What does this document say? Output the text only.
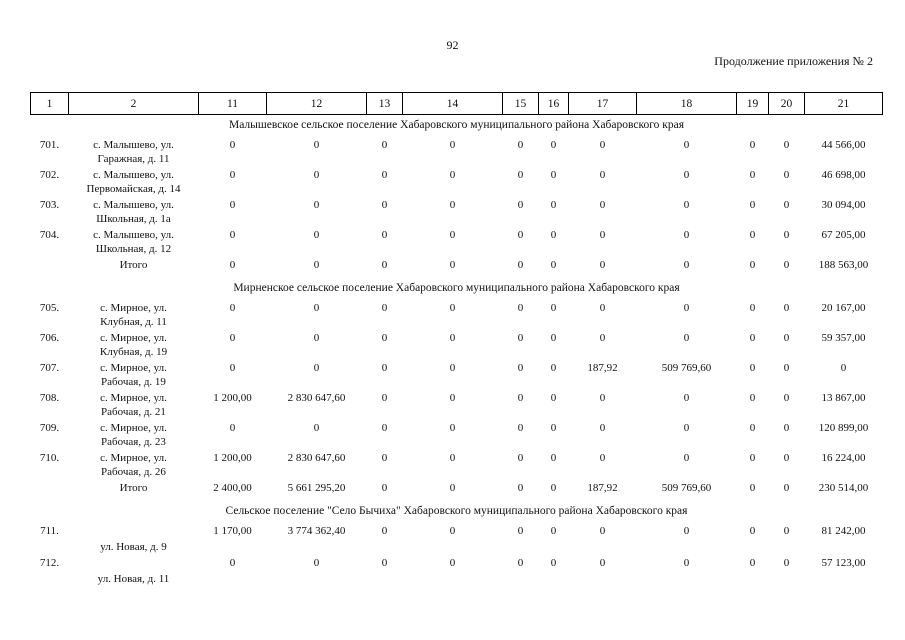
92
Продолжение приложения № 2
1	2	11	12	13	14	15	16	17	18	19	20	21
Малышевское сельское поселение Хабаровского муниципального района Хабаровского края												
701.	с. Малышево, ул.
Гаражная, д. 11	0	0	0	0	0	0	0	0	0	0	44 566,00
702.	с. Малышево, ул.
Первомайская, д. 14	0	0	0	0	0	0	0	0	0	0	46 698,00
703.	с. Малышево, ул.
Школьная, д. 1а	0	0	0	0	0	0	0	0	0	0	30 094,00
704.	с. Малышево, ул.
Школьная, д. 12	0	0	0	0	0	0	0	0	0	0	67 205,00
	Итого	0	0	0	0	0	0	0	0	0	0	188 563,00
Мирненское сельское поселение Хабаровского муниципального района Хабаровского края												
705.	с. Мирное, ул.
Клубная, д. 11	0	0	0	0	0	0	0	0	0	0	20 167,00
706.	с. Мирное, ул.
Клубная, д. 19	0	0	0	0	0	0	0	0	0	0	59 357,00
707.	с. Мирное, ул.
Рабочая, д. 19	0	0	0	0	0	0	187,92	509 769,60	0	0	0
708.	с. Мирное, ул.
Рабочая, д. 21	1 200,00	2 830 647,60	0	0	0	0	0	0	0	0	13 867,00
709.	с. Мирное, ул.
Рабочая, д. 23	0	0	0	0	0	0	0	0	0	0	120 899,00
710.	с. Мирное, ул.
Рабочая, д. 26	1 200,00	2 830 647,60	0	0	0	0	0	0	0	0	16 224,00
	Итого	2 400,00	5 661 295,20	0	0	0	0	187,92	509 769,60	0	0	230 514,00
Сельское поселение "Село Бычиха" Хабаровского муниципального района Хабаровского края												
711.	ул. Новая, д. 9	1 170,00	3 774 362,40	0	0	0	0	0	0	0	0	81 242,00
712.	ул. Новая, д. 11	0	0	0	0	0	0	0	0	0	0	57 123,00
